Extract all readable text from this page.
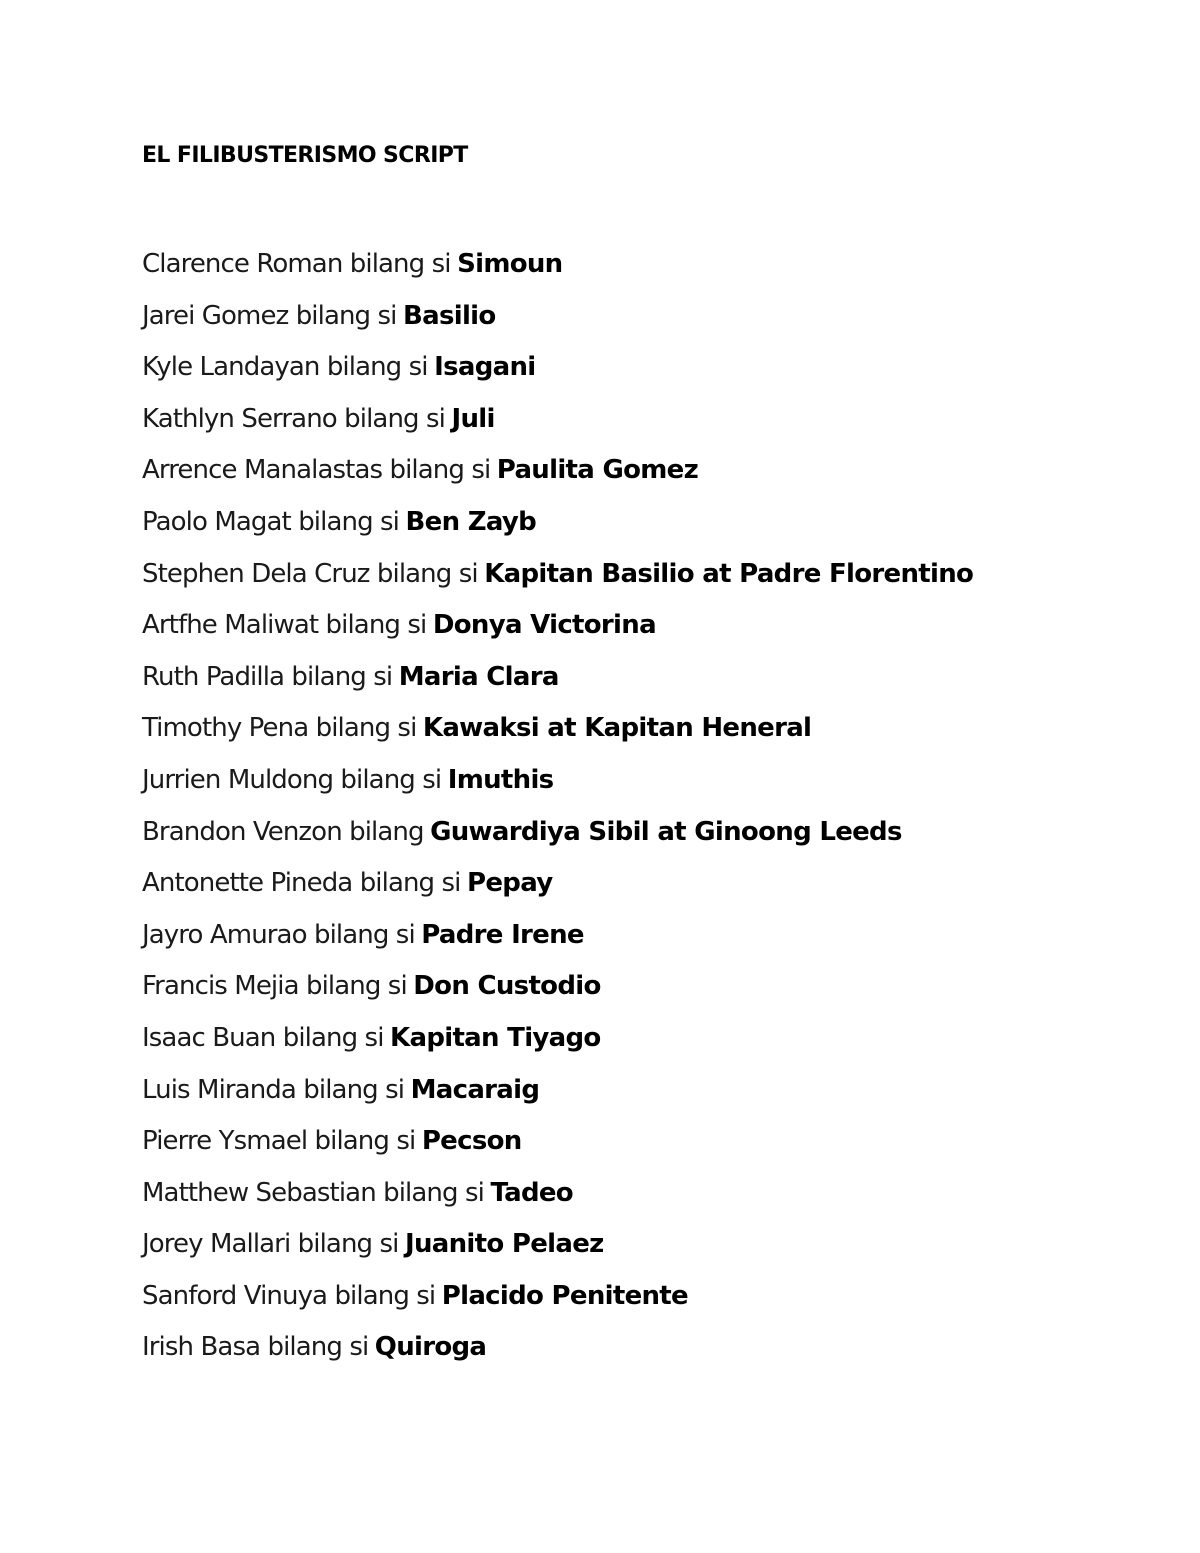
EL FILIBUSTERISMO SCRIPT
Clarence Roman bilang si Simoun
Jarei Gomez bilang si Basilio
Kyle Landayan bilang si Isagani
Kathlyn Serrano bilang si Juli
Arrence Manalastas bilang si Paulita Gomez
Paolo Magat bilang si Ben Zayb
Stephen Dela Cruz bilang si Kapitan Basilio at Padre Florentino
Artfhe Maliwat bilang si Donya Victorina
Ruth Padilla bilang si Maria Clara
Timothy Pena bilang si Kawaksi at Kapitan Heneral
Jurrien Muldong bilang si Imuthis
Brandon Venzon bilang Guwardiya Sibil at Ginoong Leeds
Antonette Pineda bilang si Pepay
Jayro Amurao bilang si Padre Irene
Francis Mejia bilang si Don Custodio
Isaac Buan bilang si Kapitan Tiyago
Luis Miranda bilang si Macaraig
Pierre Ysmael bilang si Pecson
Matthew Sebastian bilang si Tadeo
Jorey Mallari bilang si Juanito Pelaez
Sanford Vinuya bilang si Placido Penitente
Irish Basa bilang si Quiroga
